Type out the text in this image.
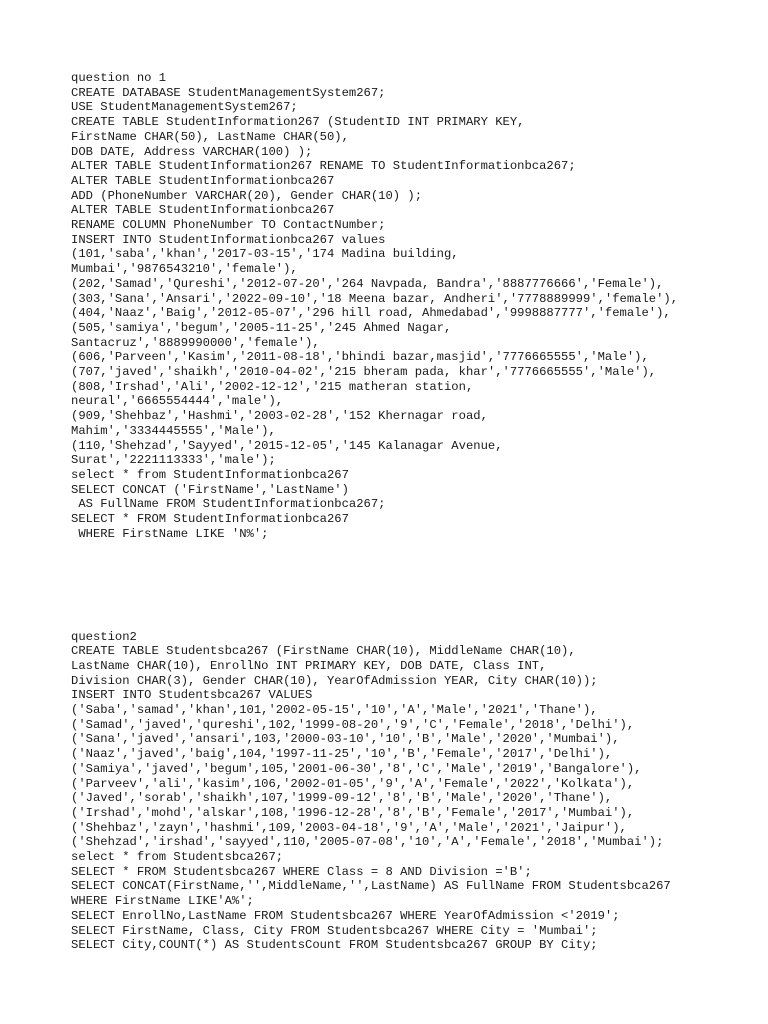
question no 1
CREATE DATABASE StudentManagementSystem267;
USE StudentManagementSystem267;
CREATE TABLE StudentInformation267 (StudentID INT PRIMARY KEY,
FirstName CHAR(50), LastName CHAR(50),
DOB DATE, Address VARCHAR(100) );
ALTER TABLE StudentInformation267 RENAME TO StudentInformationbca267;
ALTER TABLE StudentInformationbca267
ADD (PhoneNumber VARCHAR(20), Gender CHAR(10) );
ALTER TABLE StudentInformationbca267
RENAME COLUMN PhoneNumber TO ContactNumber;
INSERT INTO StudentInformationbca267 values
(101,'saba','khan','2017-03-15','174 Madina building,
Mumbai','9876543210','female'),
(202,'Samad','Qureshi','2012-07-20','264 Navpada, Bandra','8887776666','Female'),
(303,'Sana','Ansari','2022-09-10','18 Meena bazar, Andheri','7778889999','female'),
(404,'Naaz','Baig','2012-05-07','296 hill road, Ahmedabad','9998887777','female'),
(505,'samiya','begum','2005-11-25','245 Ahmed Nagar,
Santacruz','8889990000','female'),
(606,'Parveen','Kasim','2011-08-18','bhindi bazar,masjid','7776665555','Male'),
(707,'javed','shaikh','2010-04-02','215 bheram pada, khar','7776665555','Male'),
(808,'Irshad','Ali','2002-12-12','215 matheran station,
neural','6665554444','male'),
(909,'Shehbaz','Hashmi','2003-02-28','152 Khernagar road,
Mahim','3334445555','Male'),
(110,'Shehzad','Sayyed','2015-12-05','145 Kalanagar Avenue,
Surat','2221113333','male');
select * from StudentInformationbca267
SELECT CONCAT ('FirstName','LastName')
AS FullName FROM StudentInformationbca267;
SELECT * FROM StudentInformationbca267
WHERE FirstName LIKE 'N%';
question2
CREATE TABLE Studentsbca267 (FirstName CHAR(10), MiddleName CHAR(10),
LastName CHAR(10), EnrollNo INT PRIMARY KEY, DOB DATE, Class INT,
Division CHAR(3), Gender CHAR(10), YearOfAdmission YEAR, City CHAR(10));
INSERT INTO Studentsbca267 VALUES
('Saba','samad','khan',101,'2002-05-15','10','A','Male','2021','Thane'),
('Samad','javed','qureshi',102,'1999-08-20','9','C','Female','2018','Delhi'),
('Sana','javed','ansari',103,'2000-03-10','10','B','Male','2020','Mumbai'),
('Naaz','javed','baig',104,'1997-11-25','10','B','Female','2017','Delhi'),
('Samiya','javed','begum',105,'2001-06-30','8','C','Male','2019','Bangalore'),
('Parveev','ali','kasim',106,'2002-01-05','9','A','Female','2022','Kolkata'),
('Javed','sorab','shaikh',107,'1999-09-12','8','B','Male','2020','Thane'),
('Irshad','mohd','alskar',108,'1996-12-28','8','B','Female','2017','Mumbai'),
('Shehbaz','zayn','hashmi',109,'2003-04-18','9','A','Male','2021','Jaipur'),
('Shehzad','irshad','sayyed',110,'2005-07-08','10','A','Female','2018','Mumbai');
select * from Studentsbca267;
SELECT * FROM Studentsbca267 WHERE Class = 8 AND Division ='B';
SELECT CONCAT(FirstName,'',MiddleName,'',LastName) AS FullName FROM Studentsbca267
WHERE FirstName LIKE'A%';
SELECT EnrollNo,LastName FROM Studentsbca267 WHERE YearOfAdmission <'2019';
SELECT FirstName, Class, City FROM Studentsbca267 WHERE City = 'Mumbai';
SELECT City,COUNT(*) AS StudentsCount FROM Studentsbca267 GROUP BY City;
